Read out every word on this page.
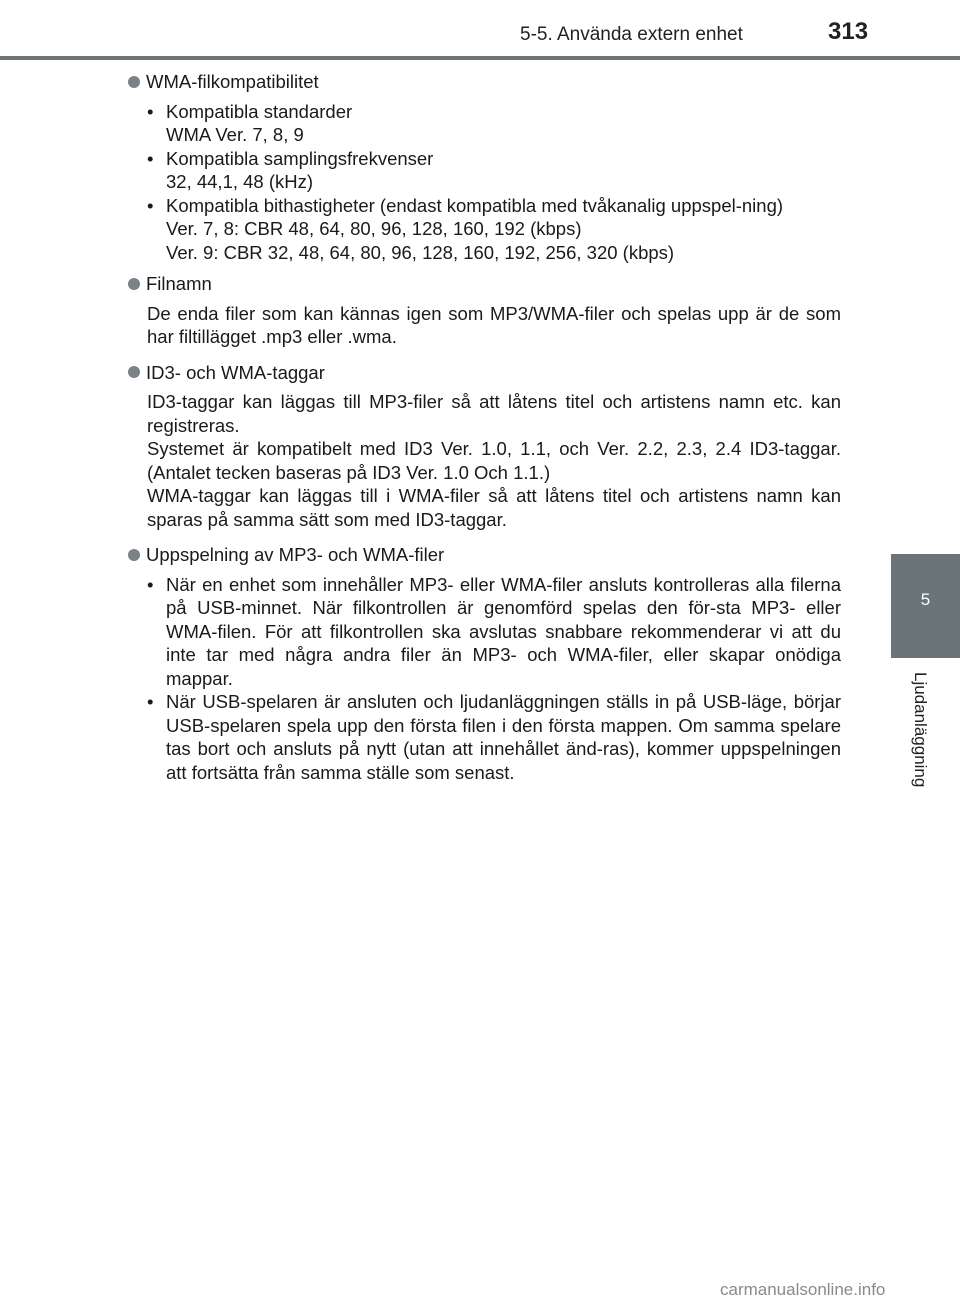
5-5. Använda extern enhet	313
5
Ljudanläggning
WMA-filkompatibilitet
• Kompatibla standarder
WMA Ver. 7, 8, 9
• Kompatibla samplingsfrekvenser
32, 44,1, 48 (kHz)
• Kompatibla bithastigheter (endast kompatibla med tvåkanalig uppspel-ning)
Ver. 7, 8: CBR 48, 64, 80, 96, 128, 160, 192 (kbps)
Ver. 9: CBR 32, 48, 64, 80, 96, 128, 160, 192, 256, 320 (kbps)
Filnamn

De enda filer som kan kännas igen som MP3/WMA-filer och spelas upp är de som har filtillägget .mp3 eller .wma.

ID3- och WMA-taggar

ID3-taggar kan läggas till MP3-filer så att låtens titel och artistens namn etc. kan registreras.

Systemet är kompatibelt med ID3 Ver. 1.0, 1.1, och Ver. 2.2, 2.3, 2.4 ID3-taggar. (Antalet tecken baseras på ID3 Ver. 1.0 Och 1.1.)

WMA-taggar kan läggas till i WMA-filer så att låtens titel och artistens namn kan sparas på samma sätt som med ID3-taggar.

Uppspelning av MP3- och WMA-filer
• När en enhet som innehåller MP3- eller WMA-filer ansluts kontrolleras alla filerna på USB-minnet. När filkontrollen är genomförd spelas den för-sta MP3- eller WMA-filen. För att filkontrollen ska avslutas snabbare rekommenderar vi att du inte tar med några andra filer än MP3- och WMA-filer, eller skapar onödiga mappar.
• När USB-spelaren är ansluten och ljudanläggningen ställs in på USB-läge, börjar USB-spelaren spela upp den första filen i den första mappen. Om samma spelare tas bort och ansluts på nytt (utan att innehållet änd-ras), kommer uppspelningen att fortsätta från samma ställe som senast.
carmanualsonline.info
